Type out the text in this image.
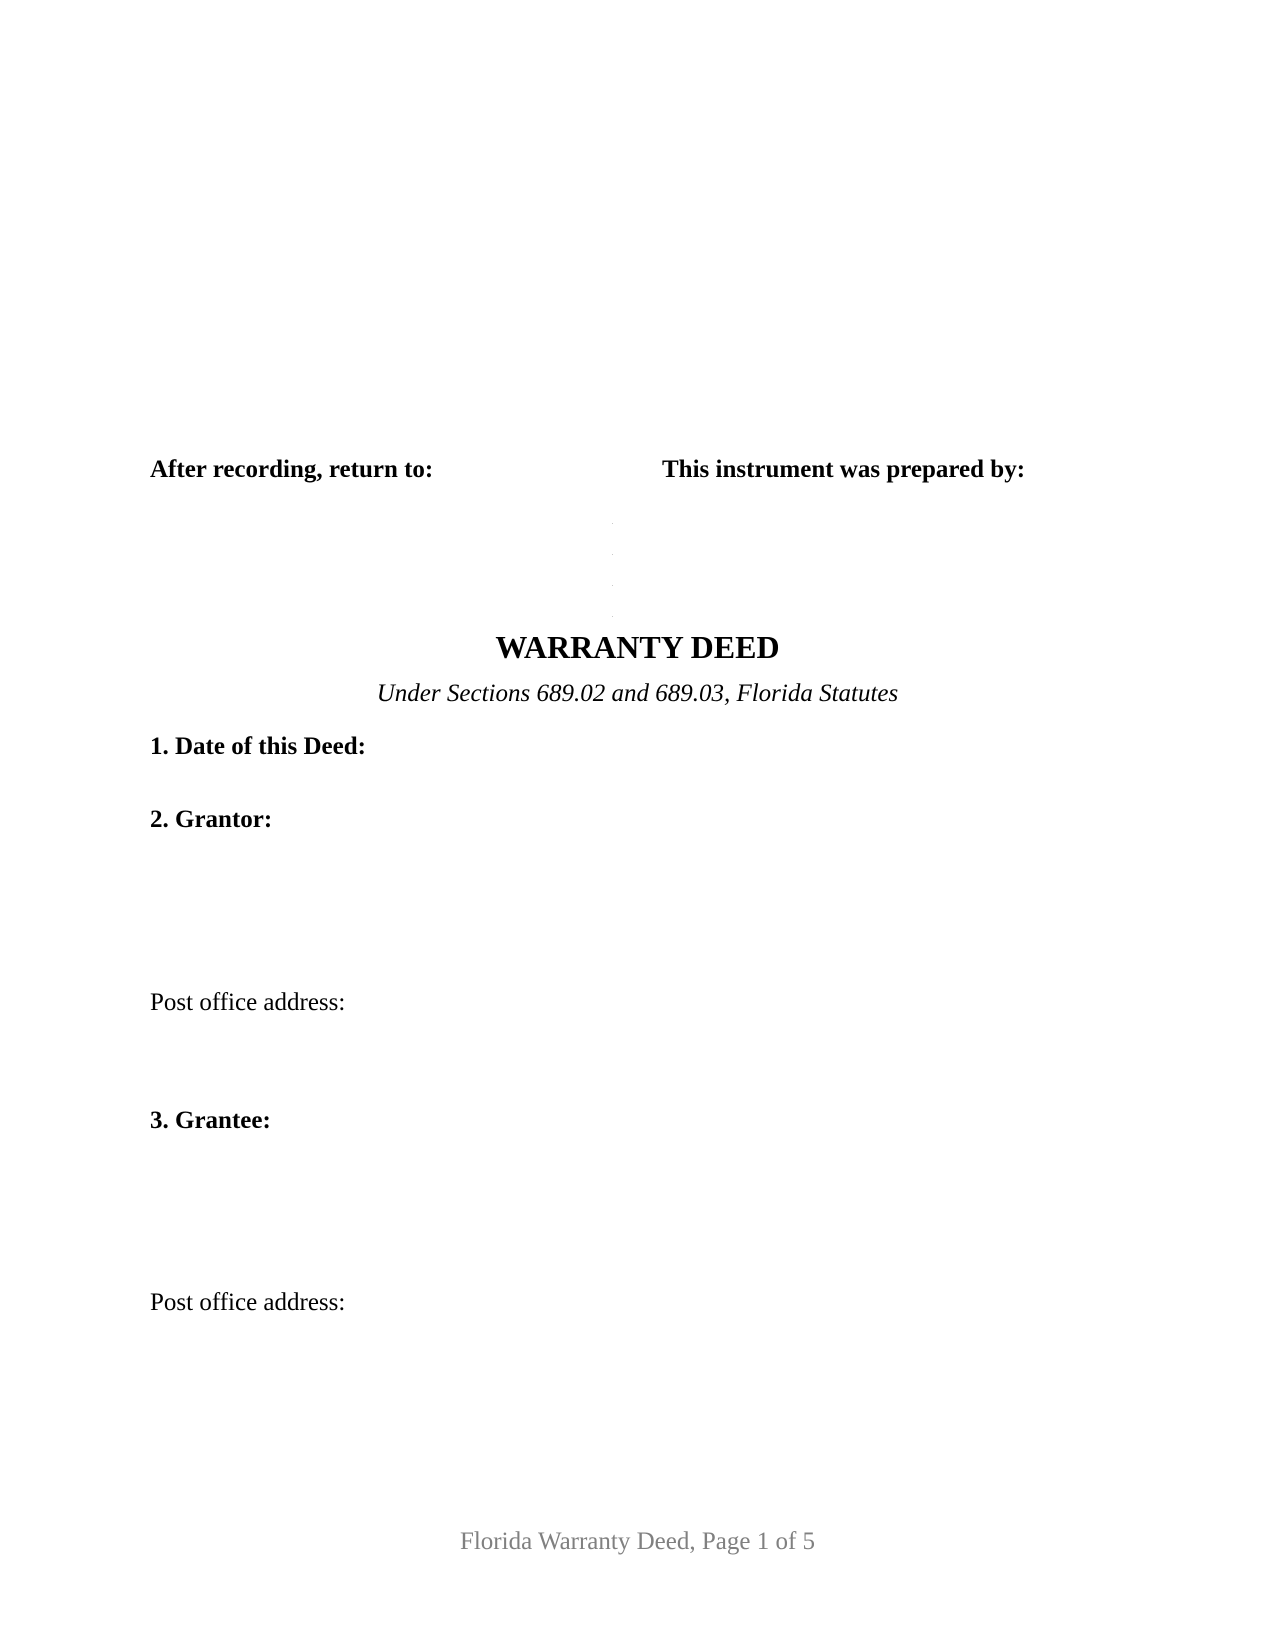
After recording, return to:	This instrument was prepared by:
WARRANTY DEED
Under Sections 689.02 and 689.03, Florida Statutes
1. Date of this Deed:
2. Grantor:
Post office address:
3. Grantee:
Post office address:
Florida Warranty Deed, Page 1 of 5
